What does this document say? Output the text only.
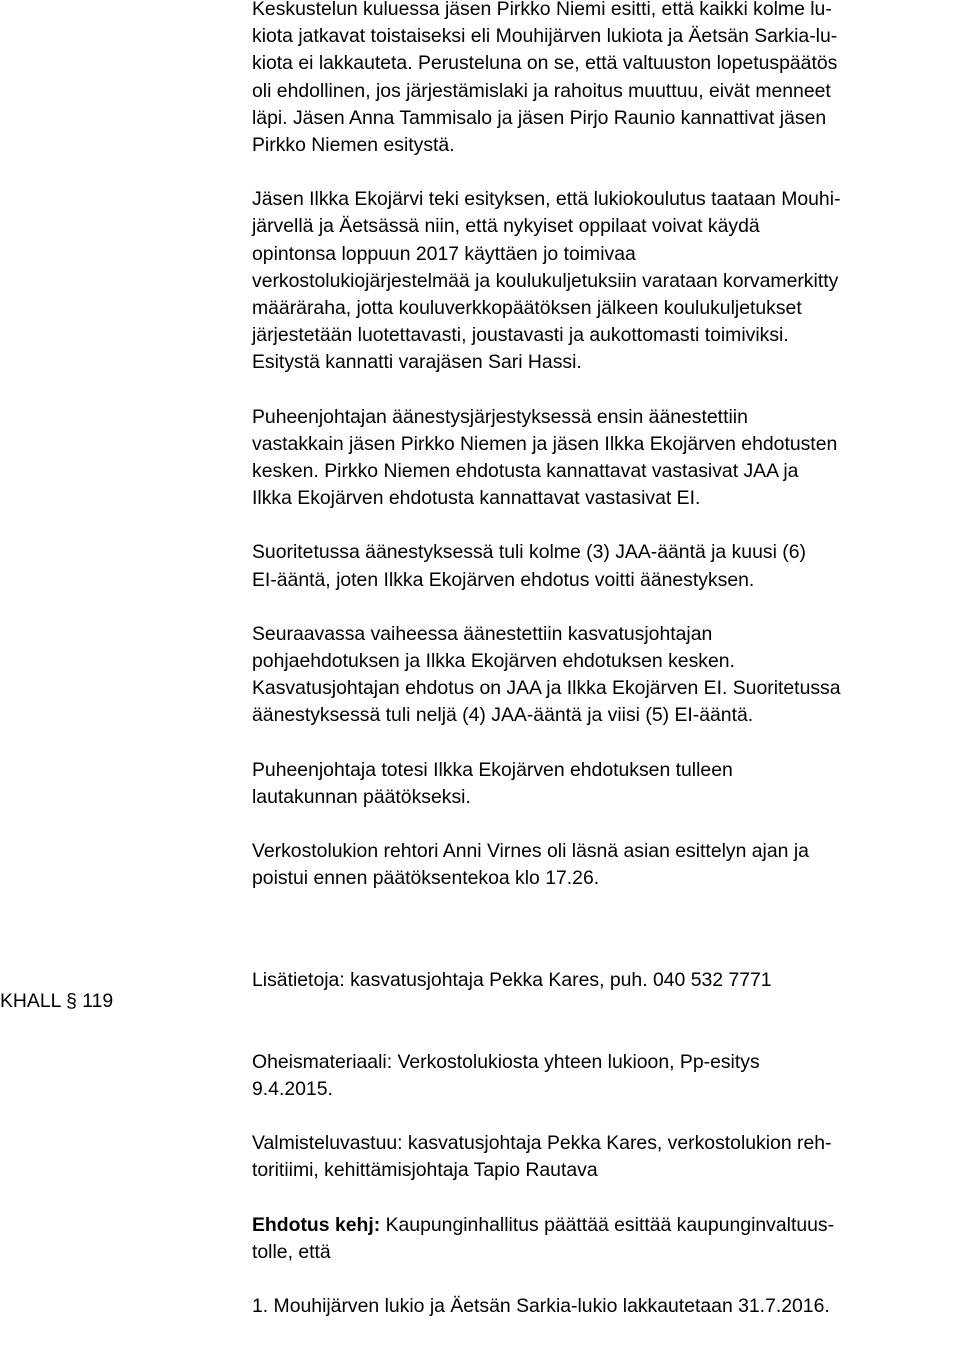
Keskustelun kuluessa jäsen Pirkko Niemi esitti, että kaikki kolme lu-
kiota jatkavat toistaiseksi eli Mouhijärven lukiota ja Äetsän Sarkia-lu-
kiota ei lakkauteta. Perusteluna on se, että valtuuston lopetuspäätös
oli ehdollinen, jos järjestämislaki ja rahoitus muuttuu, eivät menneet
läpi. Jäsen Anna Tammisalo ja jäsen Pirjo Raunio kannattivat jäsen
Pirkko Niemen esitystä.

Jäsen Ilkka Ekojärvi teki esityksen, että lukiokoulutus taataan Mouhi-
järvellä ja Äetsässä niin, että nykyiset oppilaat voivat käydä
opintonsa loppuun 2017 käyttäen jo toimivaa
verkostolukiojärjestelmää ja koulukuljetuksiin varataan korvamerkitty
määräraha, jotta kouluverkkopäätöksen jälkeen koulukuljetukset
järjestetään luotettavasti, joustavasti ja aukottomasti toimiviksi.
Esitystä kannatti varajäsen Sari Hassi.

Puheenjohtajan äänestysjärjestyksessä ensin äänestettiin
vastakkain jäsen Pirkko Niemen ja jäsen Ilkka Ekojärven ehdotusten
kesken. Pirkko Niemen ehdotusta kannattavat vastasivat JAA ja
Ilkka Ekojärven ehdotusta kannattavat vastasivat EI.

Suoritetussa äänestyksessä tuli kolme (3) JAA-ääntä ja kuusi (6)
EI-ääntä, joten Ilkka Ekojärven ehdotus voitti äänestyksen.

Seuraavassa vaiheessa äänestettiin kasvatusjohtajan
pohjaehdotuksen ja Ilkka Ekojärven ehdotuksen kesken.
Kasvatusjohtajan ehdotus on JAA ja Ilkka Ekojärven EI. Suoritetussa
äänestyksessä tuli neljä (4) JAA-ääntä ja viisi (5) EI-ääntä.

Puheenjohtaja totesi Ilkka Ekojärven ehdotuksen tulleen
lautakunnan päätökseksi.

Verkostolukion rehtori Anni Virnes oli läsnä asian esittelyn ajan ja
poistui ennen päätöksentekoa klo 17.26.

Lisätietoja: kasvatusjohtaja Pekka Kares, puh. 040 532 7771

Oheismateriaali: Verkostolukiosta yhteen lukioon, Pp-esitys
9.4.2015.

Valmisteluvastuu: kasvatusjohtaja Pekka Kares, verkostolukion reh-
toritiimi, kehittämisjohtaja Tapio Rautava

Ehdotus kehj: Kaupunginhallitus päättää esittää kaupunginvaltuus-
tolle, että

1. Mouhijärven lukio ja Äetsän Sarkia-lukio lakkautetaan 31.7.2016.

KHALL § 119
